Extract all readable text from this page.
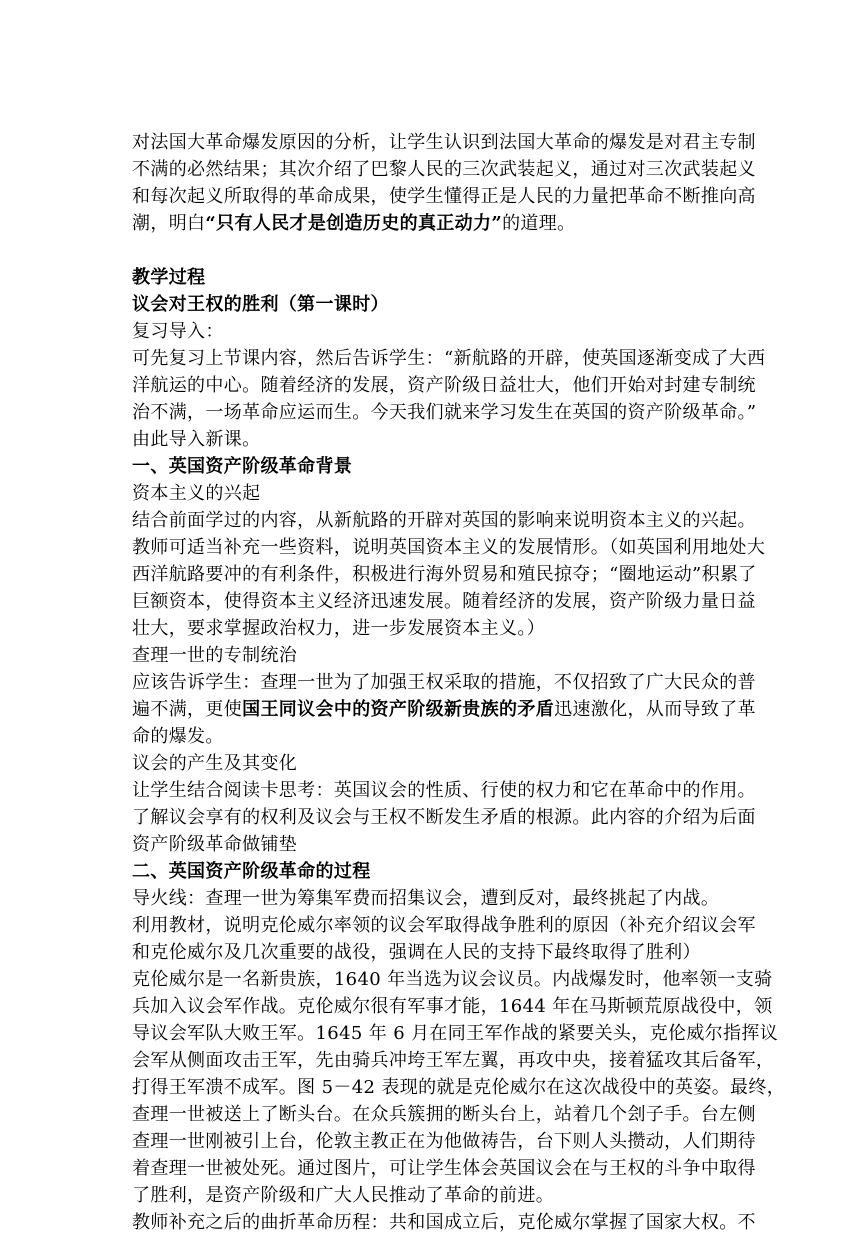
对法国大革命爆发原因的分析，让学生认识到法国大革命的爆发是对君主专制
不满的必然结果；其次介绍了巴黎人民的三次武装起义，通过对三次武装起义
和每次起义所取得的革命成果，使学生懂得正是人民的力量把革命不断推向高
潮，明白“只有人民才是创造历史的真正动力”的道理。
教学过程
议会对王权的胜利（第一课时）
复习导入：
可先复习上节课内容，然后告诉学生：“新航路的开辟，使英国逐渐变成了大西
洋航运的中心。随着经济的发展，资产阶级日益壮大，他们开始对封建专制统
治不满，一场革命应运而生。今天我们就来学习发生在英国的资产阶级革命。”
由此导入新课。
一、英国资产阶级革命背景
资本主义的兴起
结合前面学过的内容，从新航路的开辟对英国的影响来说明资本主义的兴起。
教师可适当补充一些资料，说明英国资本主义的发展情形。（如英国利用地处大
西洋航路要冲的有利条件，积极进行海外贸易和殖民掠夺；“圈地运动”积累了
巨额资本，使得资本主义经济迅速发展。随着经济的发展，资产阶级力量日益
壮大，要求掌握政治权力，进一步发展资本主义。）
查理一世的专制统治
应该告诉学生：查理一世为了加强王权采取的措施，不仅招致了广大民众的普
遍不满，更使国王同议会中的资产阶级新贵族的矛盾迅速激化，从而导致了革
命的爆发。
议会的产生及其变化
让学生结合阅读卡思考：英国议会的性质、行使的权力和它在革命中的作用。
了解议会享有的权利及议会与王权不断发生矛盾的根源。此内容的介绍为后面
资产阶级革命做铺垫
二、英国资产阶级革命的过程
导火线：查理一世为筹集军费而招集议会，遭到反对，最终挑起了内战。
利用教材，说明克伦威尔率领的议会军取得战争胜利的原因（补充介绍议会军
和克伦威尔及几次重要的战役，强调在人民的支持下最终取得了胜利）
克伦威尔是一名新贵族，1640 年当选为议会议员。内战爆发时，他率领一支骑
兵加入议会军作战。克伦威尔很有军事才能，1644 年在马斯顿荒原战役中，领
导议会军队大败王军。1645 年 6 月在同王军作战的紧要关头，克伦威尔指挥议
会军从侧面攻击王军，先由骑兵冲垮王军左翼，再攻中央，接着猛攻其后备军，
打得王军溃不成军。图 5－42 表现的就是克伦威尔在这次战役中的英姿。最终，
查理一世被送上了断头台。在众兵簇拥的断头台上，站着几个刽子手。台左侧
查理一世刚被引上台，伦敦主教正在为他做祷告，台下则人头攒动，人们期待
着查理一世被处死。通过图片，可让学生体会英国议会在与王权的斗争中取得
了胜利，是资产阶级和广大人民推动了革命的前进。
教师补充之后的曲折革命历程：共和国成立后，克伦威尔掌握了国家大权。不
